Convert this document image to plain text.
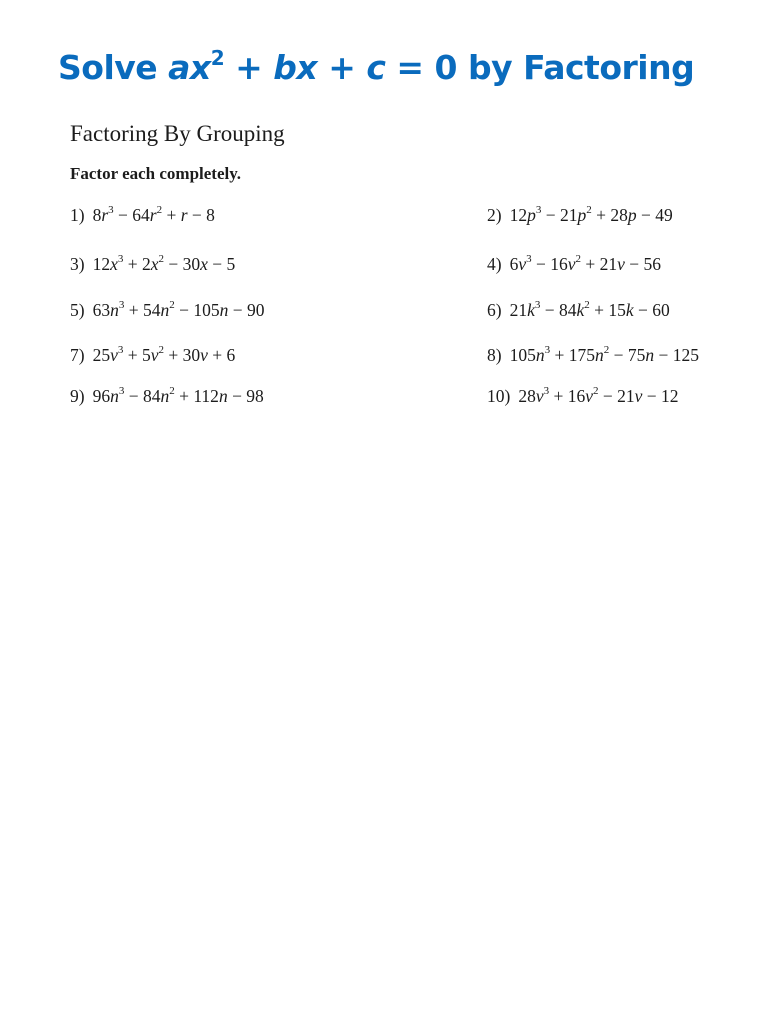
Solve $ax^2$ + bx + c = 0 by Factoring
Factoring By Grouping

Factor each completely.

1) $8r^3 - 64r^2 + r - 8$	2) $12p^3 - 21p^2 + 28p - 49$
3) $12x^3 + 2x^2 - 30x - 5$	4) $6v^3 - 16v^2 + 21v - 56$
5) $63n^3 + 54n^2 - 105n - 90$	6) $21k^3 - 84k^2 + 15k - 60$
7) $25v^3 + 5v^2 + 30v + 6$	8) $105n^3 + 175n^2 - 75n - 125$
9) $96n^3 - 84n^2 + 112n - 98$	10) $28v^3 + 16v^2 - 21v - 12$
